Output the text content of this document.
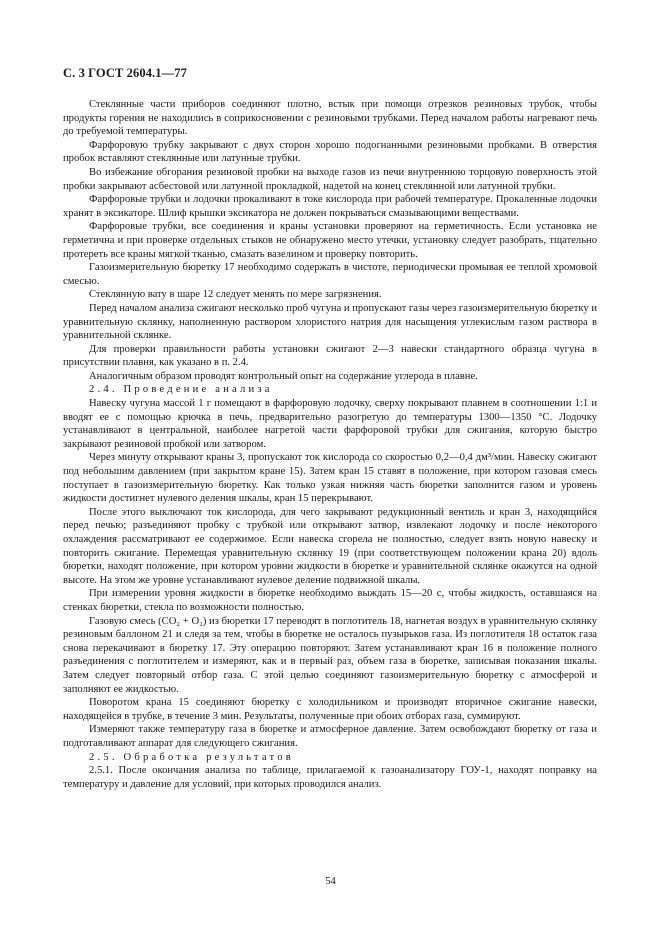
С. 3 ГОСТ 2604.1—77

Стеклянные части приборов соединяют плотно, встык при помощи отрезков резиновых трубок, чтобы продукты горения не находились в соприкосновении с резиновыми трубками. Перед началом работы нагревают печь до требуемой температуры.

Фарфоровую трубку закрывают с двух сторон хорошо подогнанными резиновыми пробками. В отверстия пробок вставляют стеклянные или латунные трубки.

Во избежание обгорания резиновой пробки на выходе газов из печи внутреннюю торцовую поверхность этой пробки закрывают асбестовой или латунной прокладкой, надетой на конец стеклянной или латунной трубки.

Фарфоровые трубки и лодочки прокаливают в токе кислорода при рабочей температуре. Прокаленные лодочки хранят в эксикаторе. Шлиф крышки эксикатора не должен покрываться смазывающими веществами.

Фарфоровые трубки, все соединения и краны установки проверяют на герметичность. Если установка не герметична и при проверке отдельных стыков не обнаружено место утечки, установку следует разобрать, тщательно протереть все краны мягкой тканью, смазать вазелином и проверку повторить.

Газоизмерительную бюретку 17 необходимо содержать в чистоте, периодически промывая ее теплой хромовой смесью.

Стеклянную вату в шаре 12 следует менять по мере загрязнения.

Перед началом анализа сжигают несколько проб чугуна и пропускают газы через газоизмерительную бюретку и уравнительную склянку, наполненную раствором хлористого натрия для насыщения углекислым газом раствора в уравнительной склянке.

Для проверки правильности работы установки сжигают 2—3 навески стандартного образца чугуна в присутствии плавня, как указано в п. 2.4.

Аналогичным образом проводят контрольный опыт на содержание углерода в плавне.

2.4. Проведение анализа

Навеску чугуна массой 1 г помещают в фарфоровую лодочку, сверху покрывают плавнем в соотношении 1:1 и вводят ее с помощью крючка в печь, предварительно разогретую до температуры 1300—1350 °С. Лодочку устанавливают в центральной, наиболее нагретой части фарфоровой трубки для сжигания, которую быстро закрывают резиновой пробкой или затвором.

Через минуту открывают краны 3, пропускают ток кислорода со скоростью 0,2—0,4 дм³/мин. Навеску сжигают под небольшим давлением (при закрытом кране 15). Затем кран 15 ставят в положение, при котором газовая смесь поступает в газоизмерительную бюретку. Как только узкая нижняя часть бюретки заполнится газом и уровень жидкости достигнет нулевого деления шкалы, кран 15 перекрывают.

После этого выключают ток кислорода, для чего закрывают редукционный вентиль и кран 3, находящийся перед печью; разъединяют пробку с трубкой или открывают затвор, извлекают лодочку и после некоторого охлаждения рассматривают ее содержимое. Если навеска сгорела не полностью, следует взять новую навеску и повторить сжигание. Перемещая уравнительную склянку 19 (при соответствующем положении крана 20) вдоль бюретки, находят положение, при котором уровни жидкости в бюретке и уравнительной склянке окажутся на одной высоте. На этом же уровне устанавливают нулевое деление подвижной шкалы.

При измерении уровня жидкости в бюретке необходимо выждать 15—20 с, чтобы жидкость, оставшаяся на стенках бюретки, стекла по возможности полностью.

Газовую смесь (СО₂ + О₂) из бюретки 17 переводят в поглотитель 18, нагнетая воздух в уравнительную склянку резиновым баллоном 21 и следя за тем, чтобы в бюретке не осталось пузырьков газа. Из поглотителя 18 остаток газа снова перекачивают в бюретку 17. Эту операцию повторяют. Затем устанавливают кран 16 в положение полного разъединения с поглотителем и измеряют, как и в первый раз, объем газа в бюретке, записывая показания шкалы. Затем следует повторный отбор газа. С этой целью соединяют газоизмерительную бюретку с атмосферой и заполняют ее жидкостью.

Поворотом крана 15 соединяют бюретку с холодильником и производят вторичное сжигание навески, находящейся в трубке, в течение 3 мин. Результаты, полученные при обоих отборах газа, суммируют.

Измеряют также температуру газа в бюретке и атмосферное давление. Затем освобождают бюретку от газа и подготавливают аппарат для следующего сжигания.

2.5. Обработка результатов

2.5.1. После окончания анализа по таблице, прилагаемой к газоанализатору ГОУ-1, находят поправку на температуру и давление для условий, при которых проводился анализ.

54
